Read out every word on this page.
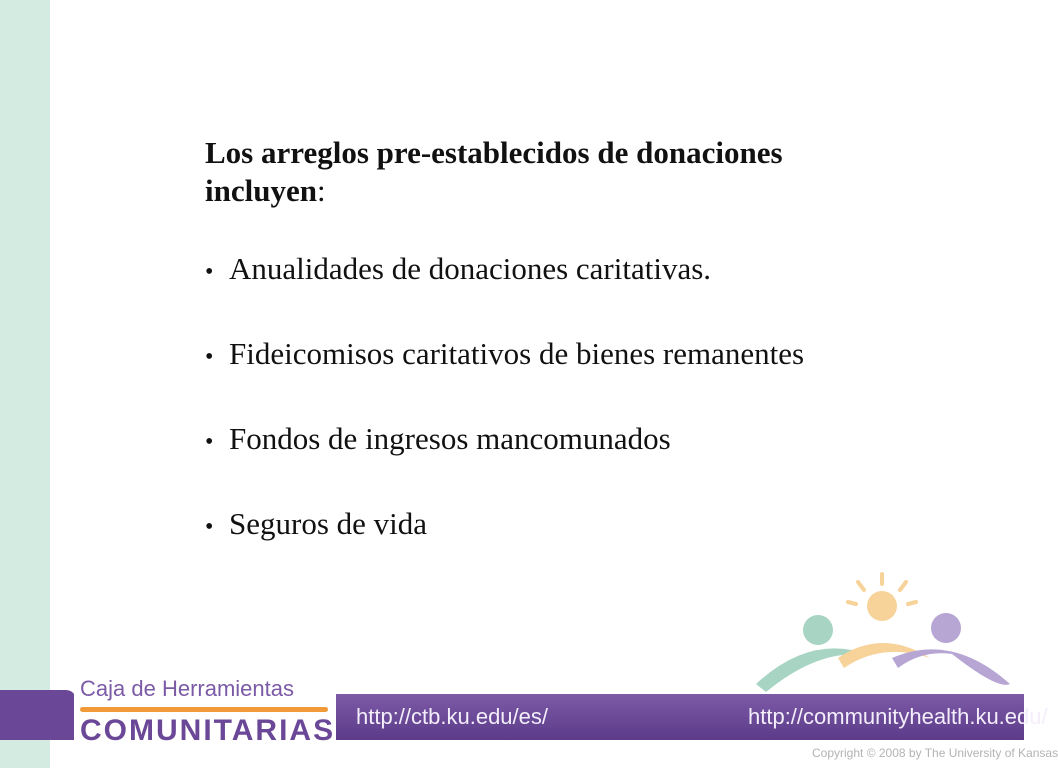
Los arreglos pre-establecidos de donaciones incluyen:

• Anualidades de donaciones caritativas.
• Fideicomisos caritativos de bienes remanentes
• Fondos de ingresos mancomunados
• Seguros de vida
Caja de Herramientas
COMUNITARIAS http://ctb.ku.edu/es/	http://communityhealth.ku.edu/
Copyright © 2008 by The University of Kansas
